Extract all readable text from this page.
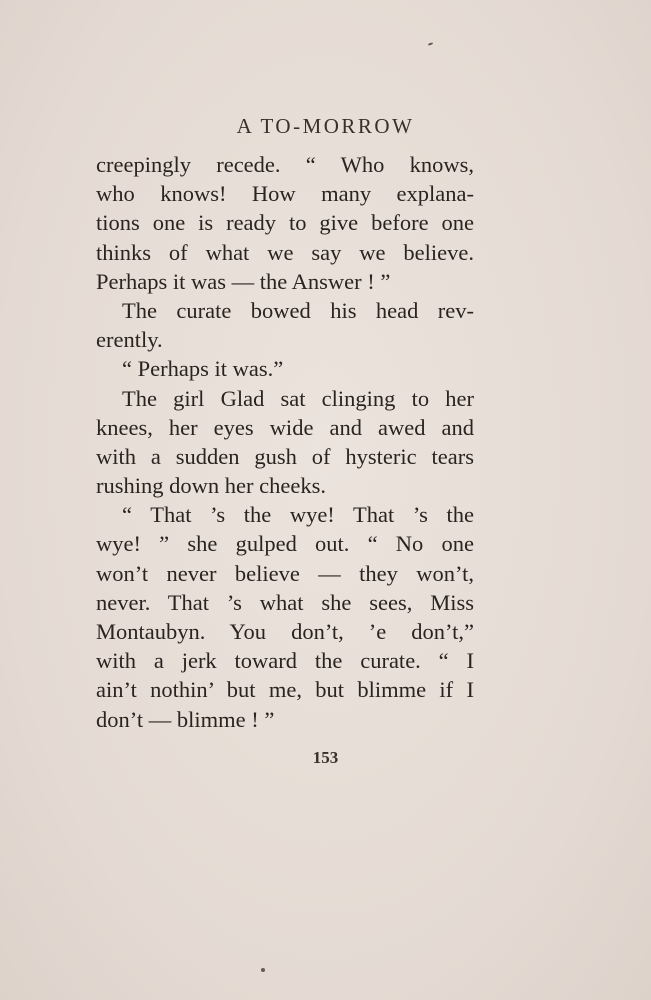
A TO-MORROW
creepingly recede. “ Who knows,
who knows! How many explana-
tions one is ready to give before one
thinks of what we say we believe.
Perhaps it was — the Answer ! ”
The curate bowed his head rev-
erently.
“ Perhaps it was.”
The girl Glad sat clinging to her
knees, her eyes wide and awed and
with a sudden gush of hysteric tears
rushing down her cheeks.
“ That ’s the wye! That ’s the
wye! ” she gulped out. “ No one
won’t never believe — they won’t,
never. That ’s what she sees, Miss
Montaubyn. You don’t, ’e don’t,”
with a jerk toward the curate. “ I
ain’t nothin’ but me, but blimme if I
don’t — blimme ! ”
153
